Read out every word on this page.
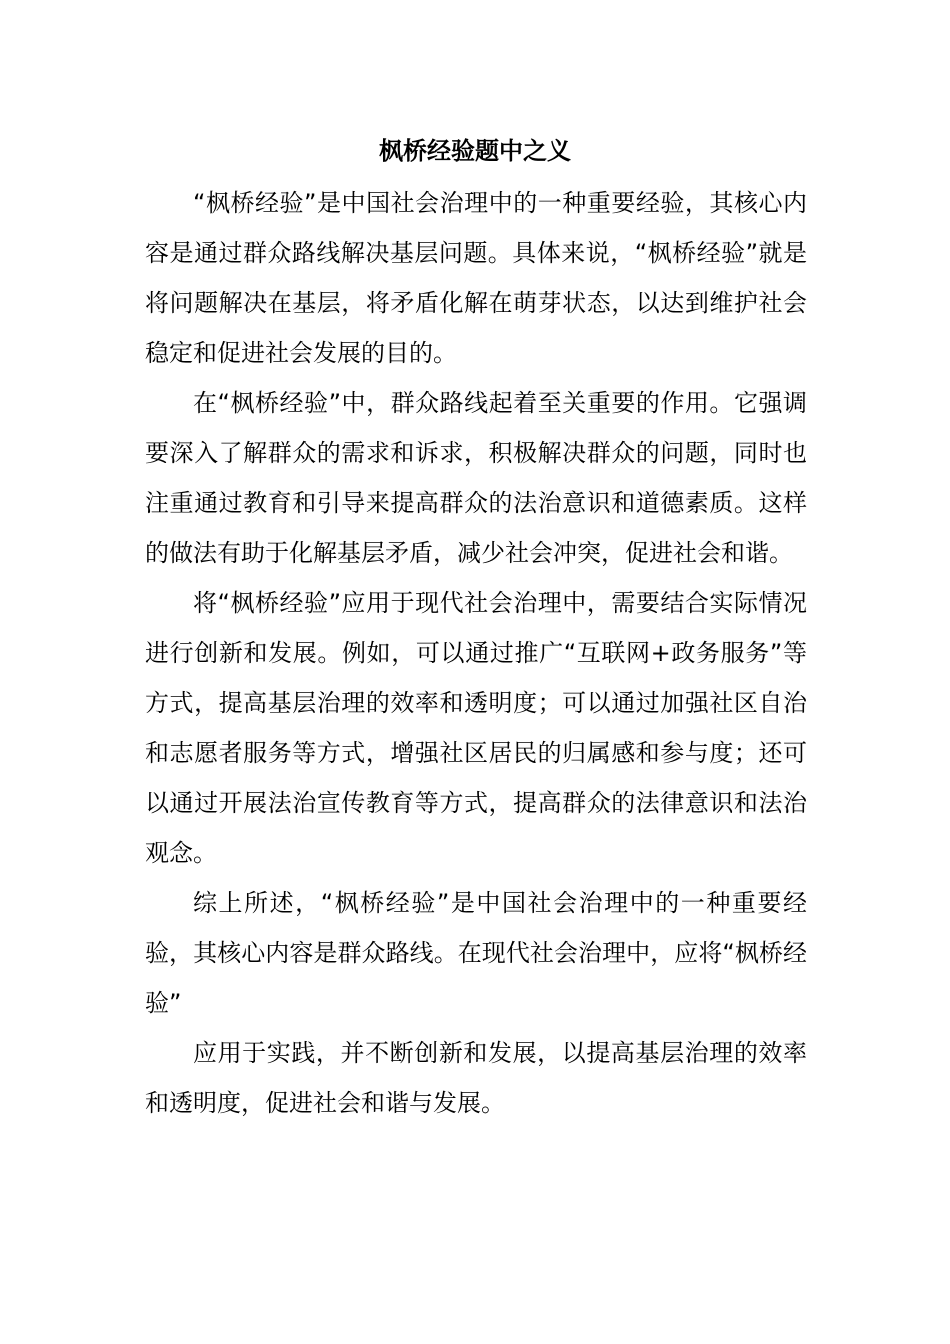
枫桥经验题中之义

“枫桥经验”是中国社会治理中的一种重要经验，其核心内容是通过群众路线解决基层问题。具体来说，“枫桥经验”就是将问题解决在基层，将矛盾化解在萌芽状态，以达到维护社会稳定和促进社会发展的目的。

在“枫桥经验”中，群众路线起着至关重要的作用。它强调要深入了解群众的需求和诉求，积极解决群众的问题，同时也注重通过教育和引导来提高群众的法治意识和道德素质。这样的做法有助于化解基层矛盾，减少社会冲突，促进社会和谐。

将“枫桥经验”应用于现代社会治理中，需要结合实际情况进行创新和发展。例如，可以通过推广“互联网+政务服务”等方式，提高基层治理的效率和透明度；可以通过加强社区自治和志愿者服务等方式，增强社区居民的归属感和参与度；还可以通过开展法治宣传教育等方式，提高群众的法律意识和法治观念。

综上所述，“枫桥经验”是中国社会治理中的一种重要经验，其核心内容是群众路线。在现代社会治理中，应将“枫桥经验”

应用于实践，并不断创新和发展，以提高基层治理的效率和透明度，促进社会和谐与发展。
